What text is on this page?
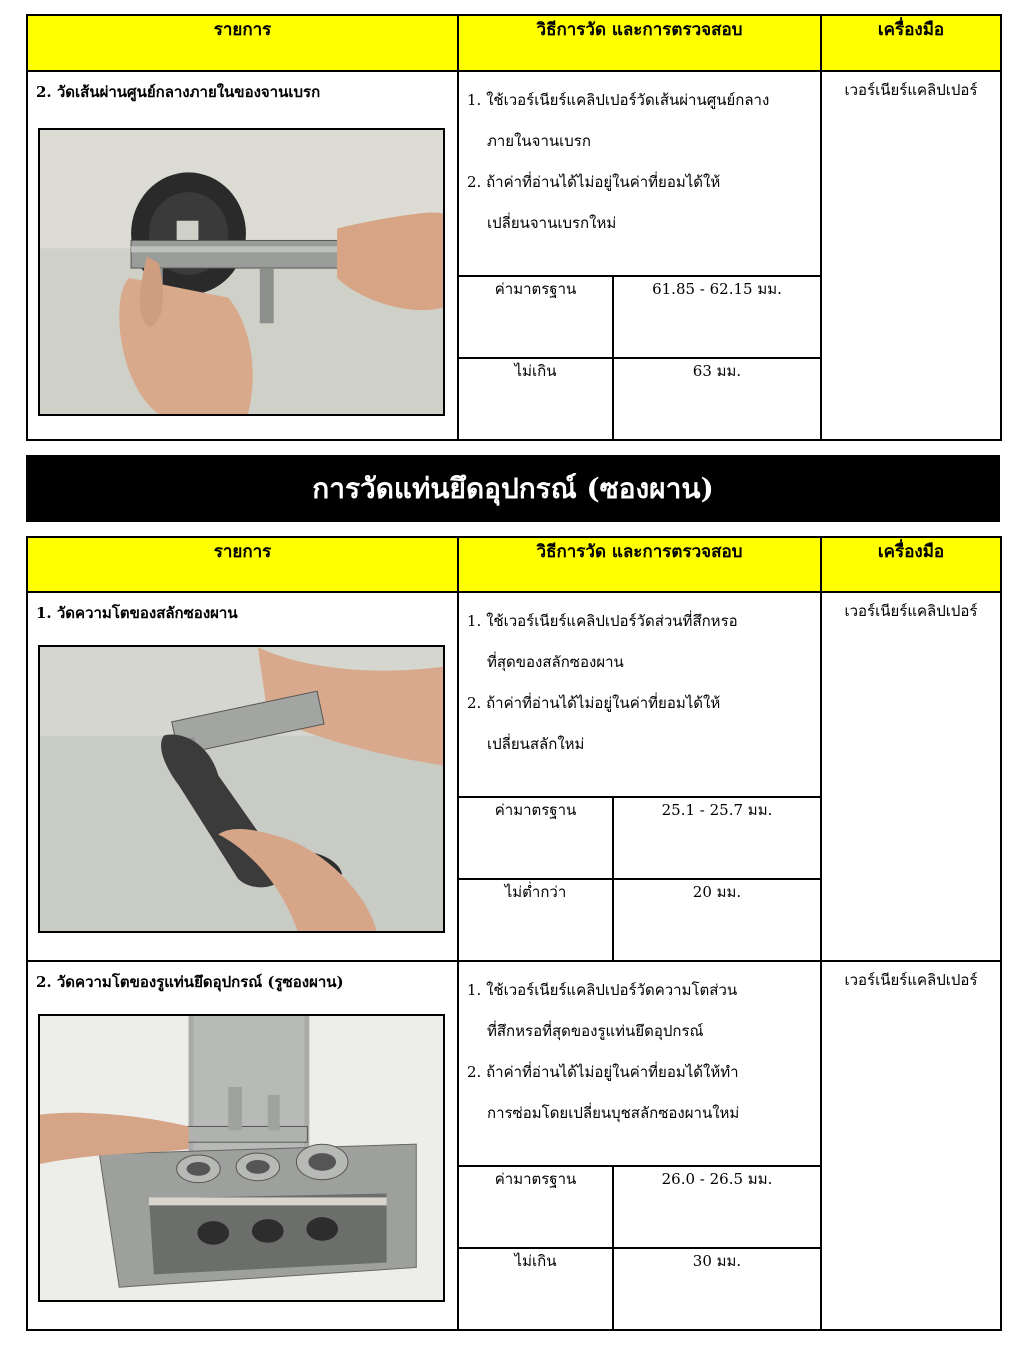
รายการ	วิธีการวัด และการตรวจสอบ		เครื่องมือ

2. วัดเส้นผ่านศูนย์กลางภายในของจานเบรก	1. ใช้เวอร์เนียร์แคลิปเปอร์วัดเส้นผ่านศูนย์กลาง
ภายในจานเบรก
2. ถ้าค่าที่อ่านได้ไม่อยู่ในค่าที่ยอมได้ให้
เปลี่ยนจานเบรกใหม่		เวอร์เนียร์แคลิปเปอร์
	ค่ามาตรฐาน	61.85 - 62.15 มม.	
	ไม่เกิน	63 มม.	
การวัดแท่นยึดอุปกรณ์ (ซองผาน)
รายการ	วิธีการวัด และการตรวจสอบ		เครื่องมือ

1. วัดความโตของสลักซองผาน	1. ใช้เวอร์เนียร์แคลิปเปอร์วัดส่วนที่สึกหรอ
ที่สุดของสลักซองผาน
2. ถ้าค่าที่อ่านได้ไม่อยู่ในค่าที่ยอมได้ให้
เปลี่ยนสลักใหม่		เวอร์เนียร์แคลิปเปอร์
	ค่ามาตรฐาน	25.1 - 25.7 มม.	
	ไม่ต่ำกว่า	20 มม.	

2. วัดความโตของรูแท่นยึดอุปกรณ์ (รูซองผาน)	1. ใช้เวอร์เนียร์แคลิปเปอร์วัดความโตส่วน
ที่สึกหรอที่สุดของรูแท่นยึดอุปกรณ์
2. ถ้าค่าที่อ่านได้ไม่อยู่ในค่าที่ยอมได้ให้ทำ
การซ่อมโดยเปลี่ยนบุชสลักซองผานใหม่		เวอร์เนียร์แคลิปเปอร์
	ค่ามาตรฐาน	26.0 - 26.5 มม.	
	ไม่เกิน	30 มม.	
